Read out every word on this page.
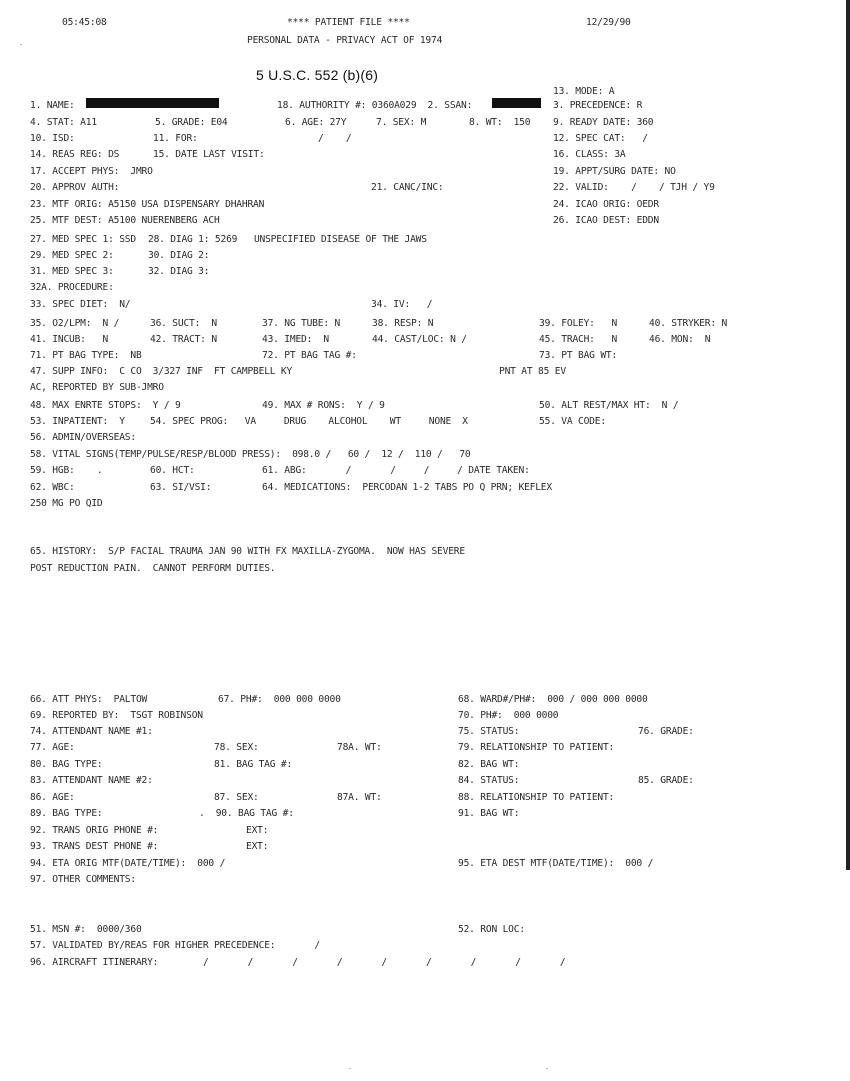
05:45:08	**** PATIENT FILE ****	12/29/90
PERSONAL DATA - PRIVACY ACT OF 1974
5 U.S.C. 552 (b)(6)
13. MODE: A
1. NAME:	18. AUTHORITY #: 0360A029  2. SSAN:	3. PRECEDENCE: R
4. STAT: A11	5. GRADE: E04	6. AGE: 27Y	7. SEX: M	8. WT:  150 9. READY DATE: 360
10. ISD:	11. FOR:	/    /	12. SPEC CAT:   /
14. REAS REG: DS	15. DATE LAST VISIT:	16. CLASS: 3A
17. ACCEPT PHYS:  JMRO	19. APPT/SURG DATE: NO
20. APPROV AUTH:	21. CANC/INC:	22. VALID:    /    / TJH / Y9
23. MTF ORIG: A5150 USA DISPENSARY DHAHRAN	24. ICAO ORIG: OEDR
25. MTF DEST: A5100 NUERENBERG ACH	26. ICAO DEST: EDDN
27. MED SPEC 1: SSD 28. DIAG 1: 5269   UNSPECIFIED DISEASE OF THE JAWS
29. MED SPEC 2:	30. DIAG 2:
31. MED SPEC 3:	32. DIAG 3:
32A. PROCEDURE:
33. SPEC DIET:  N/	34. IV:   /
35. O2/LPM:  N /	36. SUCT:  N	37. NG TUBE: N	38. RESP: N	39. FOLEY:   N	40. STRYKER: N
41. INCUB:   N	42. TRACT: N	43. IMED:  N	44. CAST/LOC: N /	45. TRACH:   N	46. MON:  N
71. PT BAG TYPE:  NB	72. PT BAG TAG #:	73. PT BAG WT:
47. SUPP INFO:  C CO  3/327 INF  FT CAMPBELL KY	PNT AT 85 EV
AC, REPORTED BY SUB-JMRO
48. MAX ENRTE STOPS:  Y / 9	49. MAX # RONS:  Y / 9	50. ALT REST/MAX HT:  N /
53. INPATIENT:  Y	54. SPEC PROG:   VA     DRUG    ALCOHOL    WT     NONE  X	55. VA CODE:
56. ADMIN/OVERSEAS:
58. VITAL SIGNS(TEMP/PULSE/RESP/BLOOD PRESS):  098.0 /   60 /  12 /  110 /   70
59. HGB:    .	60. HCT:	61. ABG:       /       /     /     / DATE TAKEN:
62. WBC:	63. SI/VSI:	64. MEDICATIONS:  PERCODAN 1-2 TABS PO Q PRN; KEFLEX
250 MG PO QID
65. HISTORY:  S/P FACIAL TRAUMA JAN 90 WITH FX MAXILLA-ZYGOMA.  NOW HAS SEVERE
POST REDUCTION PAIN.  CANNOT PERFORM DUTIES.
66. ATT PHYS:  PALTOW	67. PH#:  000 000 0000	68. WARD#/PH#:  000 / 000 000 0000
69. REPORTED BY:  TSGT ROBINSON	70. PH#:  000 0000
74. ATTENDANT NAME #1:	75. STATUS:	76. GRADE:
77. AGE:	78. SEX:	78A. WT:	79. RELATIONSHIP TO PATIENT:
80. BAG TYPE:	81. BAG TAG #:	82. BAG WT:
83. ATTENDANT NAME #2:	84. STATUS:	85. GRADE:
86. AGE:	87. SEX:	87A. WT:	88. RELATIONSHIP TO PATIENT:
89. BAG TYPE:	.  90. BAG TAG #:	91. BAG WT:
92. TRANS ORIG PHONE #:	EXT:
93. TRANS DEST PHONE #:	EXT:
94. ETA ORIG MTF(DATE/TIME):  000 /	95. ETA DEST MTF(DATE/TIME):  000 /
97. OTHER COMMENTS:
51. MSN #:  0000/360	52. RON LOC:
57. VALIDATED BY/REAS FOR HIGHER PRECEDENCE:       /
96. AIRCRAFT ITINERARY:	/       /       /       /       /       /       /       /       /
